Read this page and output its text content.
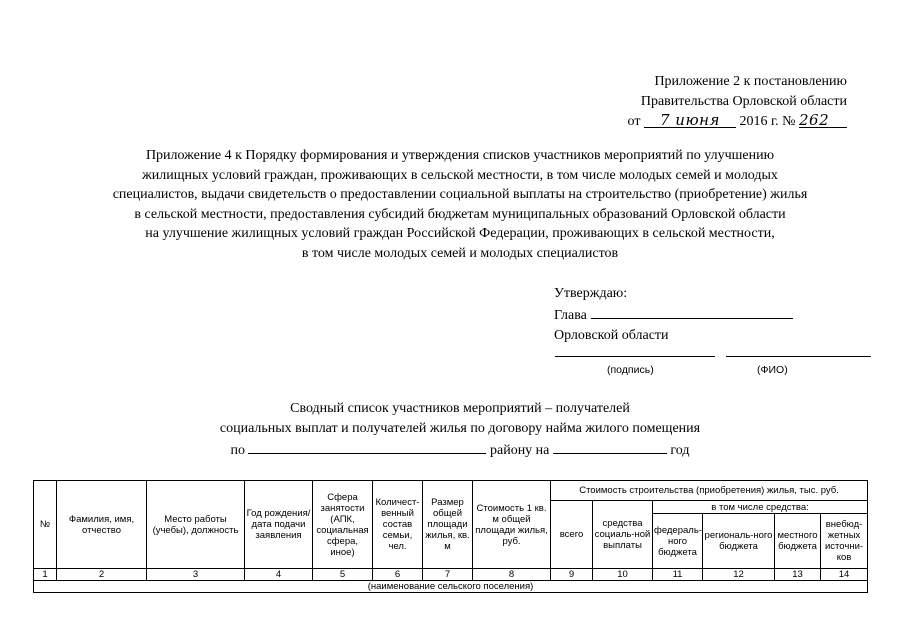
Приложение 2 к постановлению
Правительства Орловской области
от 7 июня 2016 г. № 262
Приложение 4 к Порядку формирования и утверждения списков участников мероприятий по улучшению
жилищных условий граждан, проживающих в сельской местности, в том числе молодых семей и молодых
специалистов, выдачи свидетельств о предоставлении социальной выплаты на строительство (приобретение) жилья
в сельской местности, предоставления субсидий бюджетам муниципальных образований Орловской области
на улучшение жилищных условий граждан Российской Федерации, проживающих в сельской местности,
в том числе молодых семей и молодых специалистов
Утверждаю:
Глава
Орловской области
(подпись)	(ФИО)
Сводный список участников мероприятий – получателей
социальных выплат и получателей жилья по договору найма жилого помещения
по	району на	год
№	Фамилия, имя, отчество	Место работы (учебы), должность	Год рождения/ дата подачи заявления	Сфера занятости (АПК, социальная сфера, иное)	Количест-венный состав семьи, чел.	Размер общей площади жилья, кв. м	Стоимость 1 кв. м общей площади жилья, руб.	Стоимость строительства (приобретения) жилья, тыс. руб.					
								всего	средства социаль-ной выплаты	в том числе средства:			
										федераль-ного бюджета	региональ-ного бюджета	местного бюджета	внебюд-жетных источни-ков
1	2	3	4	5	6	7	8	9	10	11	12	13	14
(наименование сельского поселения)													
